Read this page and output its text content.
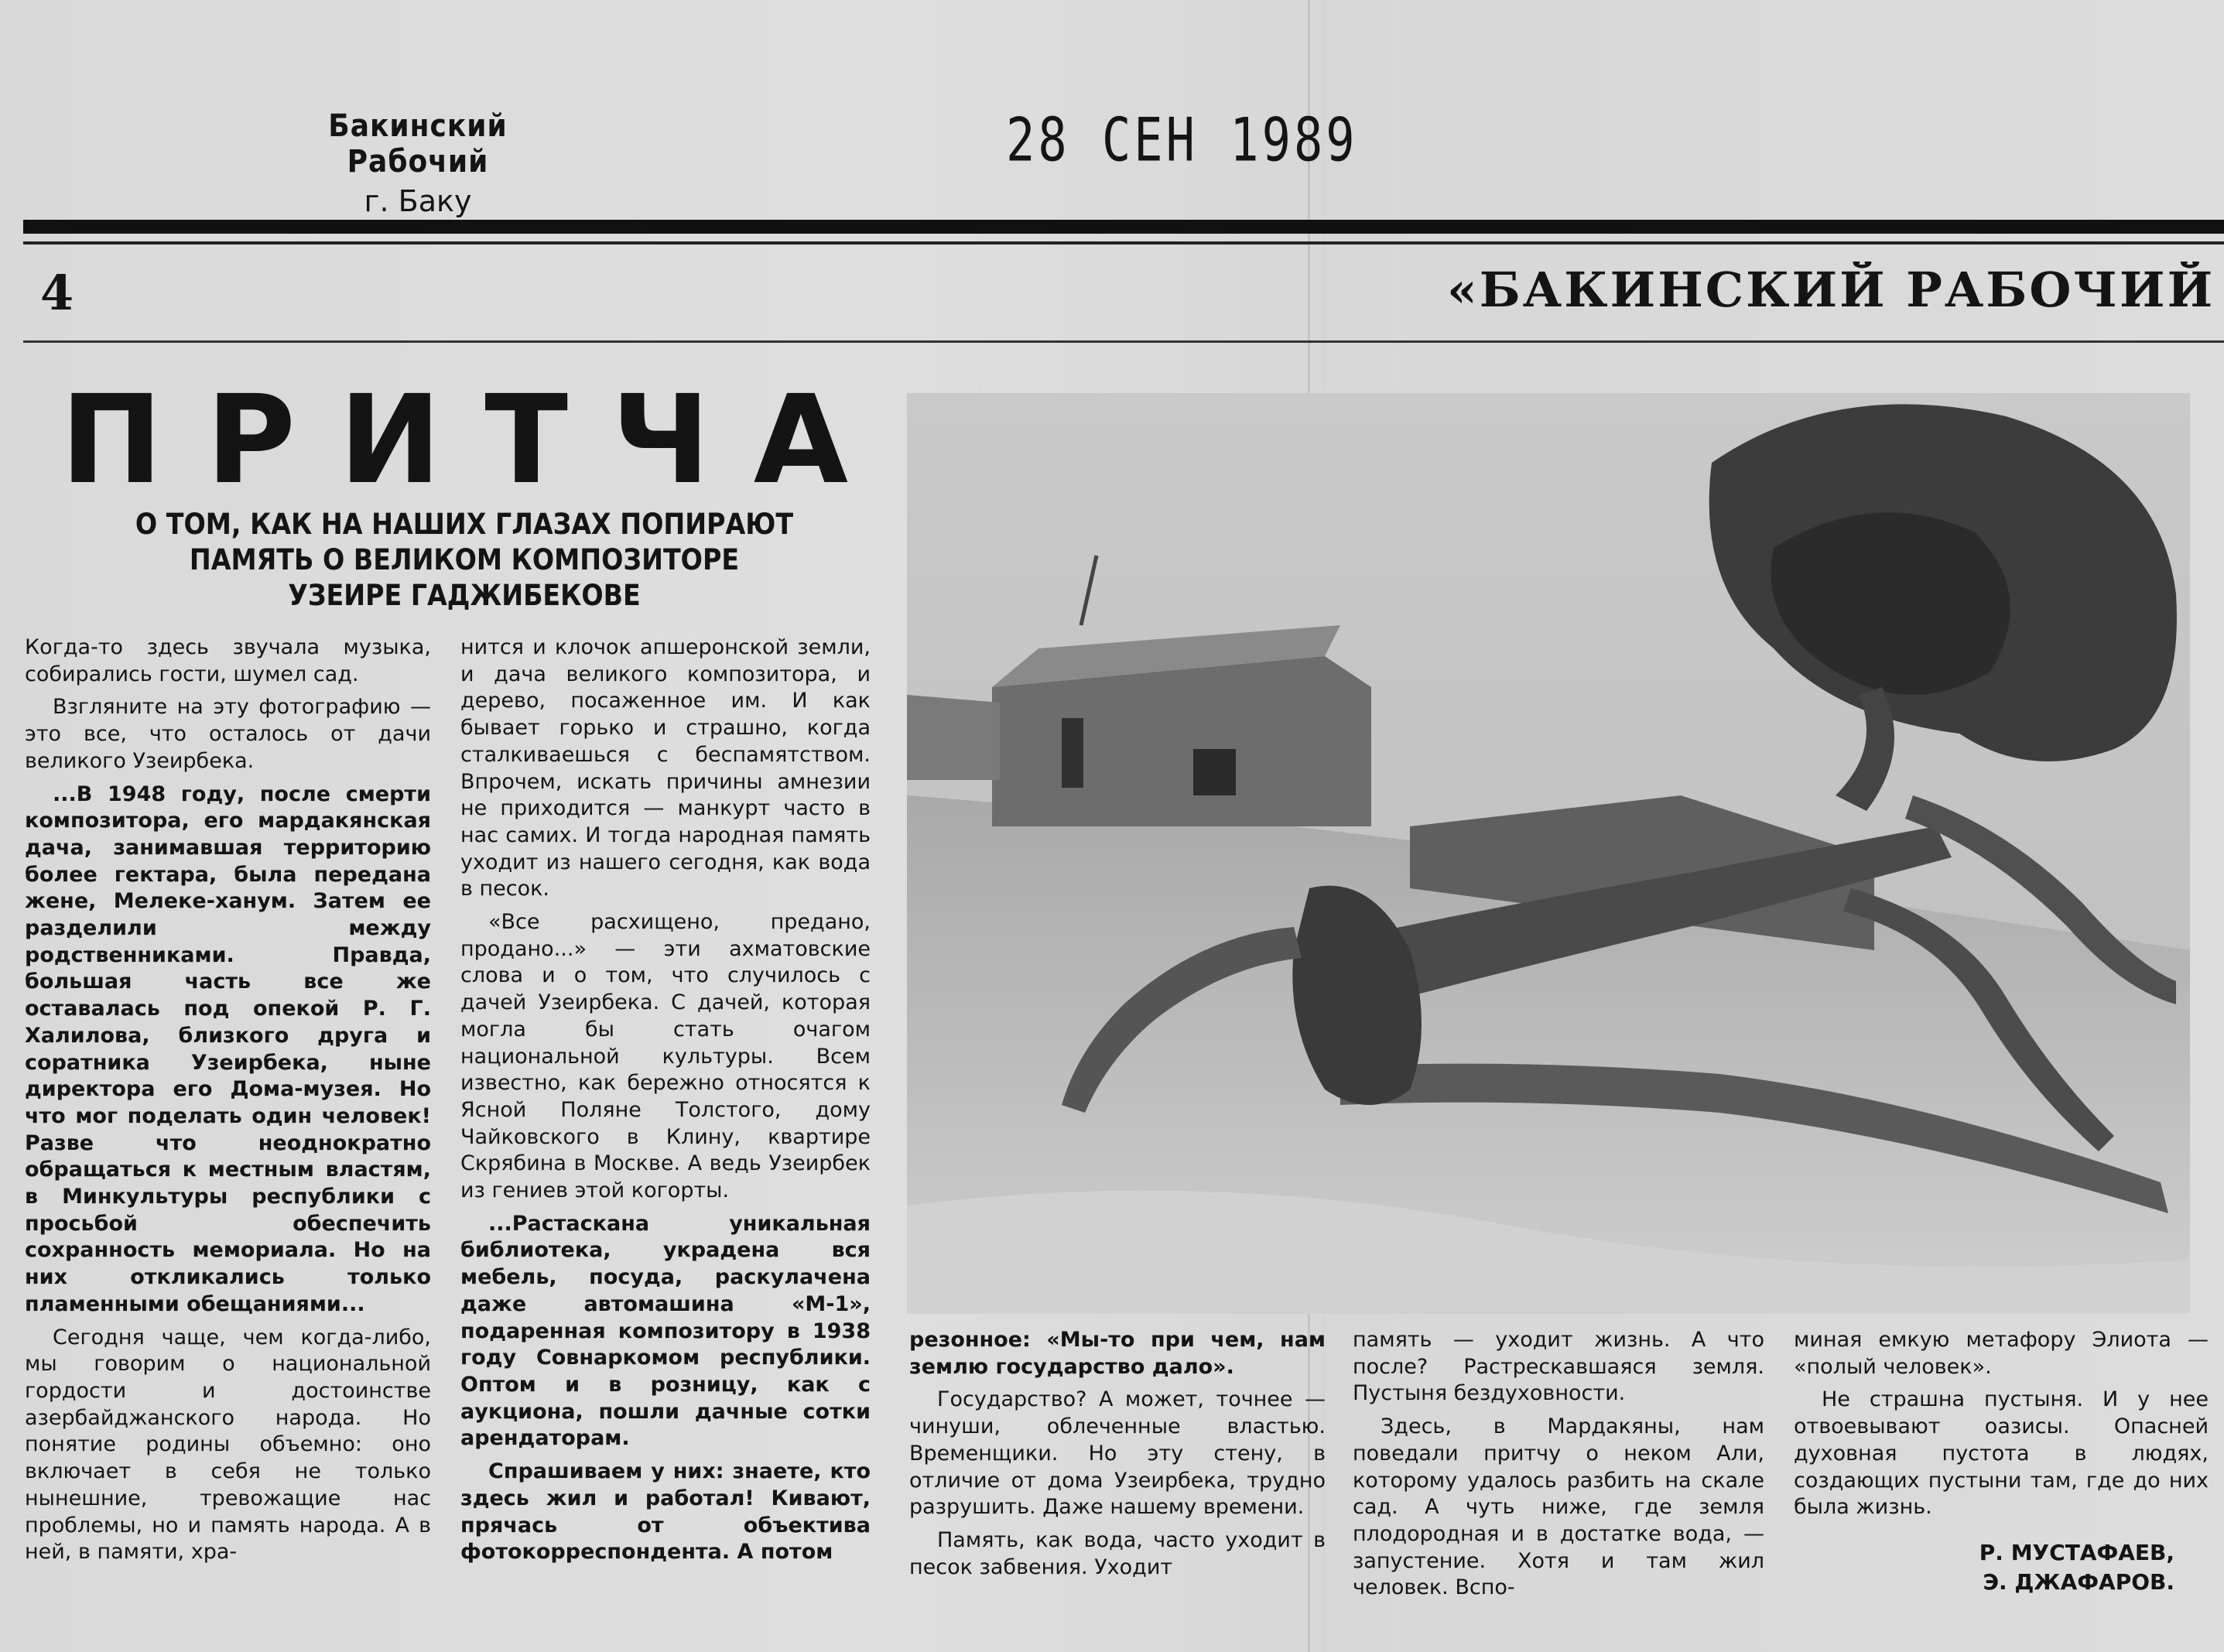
Бакинский Рабочий
г. Баку
28 СЕН 1989
4	«БАКИНСКИЙ РАБОЧИЙ
ПРИТЧА
О ТОМ, КАК НА НАШИХ ГЛАЗАХ ПОПИРАЮТ
ПАМЯТЬ О ВЕЛИКОМ КОМПОЗИТОРЕ
УЗЕИРЕ ГАДЖИБЕКОВЕ

Когда-то здесь звучала музыка, собирались гости, шумел сад.

Взгляните на эту фотографию — это все, что осталось от дачи великого Узеирбека.

...В 1948 году, после смерти композитора, его мардакянская дача, занимавшая территорию более гектара, была передана жене, Мелеке-ханум. Затем ее разделили между родственниками. Правда, большая часть все же оставалась под опекой Р. Г. Халилова, близкого друга и соратника Узеирбека, ныне директора его Дома-музея. Но что мог поделать один человек! Разве что неоднократно обращаться к местным властям, в Минкультуры республики с просьбой обеспечить сохранность мемориала. Но на них откликались только пламенными обещаниями...

Сегодня чаще, чем когда-либо, мы говорим о национальной гордости и достоинстве азербайджанского народа. Но понятие родины объемно: оно включает в себя не только нынешние, тревожащие нас проблемы, но и память народа. А в ней, в памяти, хра-

нится и клочок апшеронской земли, и дача великого композитора, и дерево, посаженное им. И как бывает горько и страшно, когда сталкиваешься с беспамятством. Впрочем, искать причины амнезии не приходится — манкурт часто в нас самих. И тогда народная память уходит из нашего сегодня, как вода в песок.

«Все расхищено, предано, продано...» — эти ахматовские слова и о том, что случилось с дачей Узеирбека. С дачей, которая могла бы стать очагом национальной культуры. Всем известно, как бережно относятся к Ясной Поляне Толстого, дому Чайковского в Клину, квартире Скрябина в Москве. А ведь Узеирбек из гениев этой когорты.

...Растаскана уникальная библиотека, украдена вся мебель, посуда, раскулачена даже автомашина «М-1», подаренная композитору в 1938 году Совнаркомом республики. Оптом и в розницу, как с аукциона, пошли дачные сотки арендаторам.

Спрашиваем у них: знаете, кто здесь жил и работал! Кивают, прячась от объектива фотокорреспондента. А потом

резонное: «Мы-то при чем, нам землю государство дало».

Государство? А может, точнее — чинуши, облеченные властью. Временщики. Но эту стену, в отличие от дома Узеирбека, трудно разрушить. Даже нашему времени.

Память, как вода, часто уходит в песок забвения. Уходит

память — уходит жизнь. А что после? Растрескавшаяся земля. Пустыня бездуховности.

Здесь, в Мардакяны, нам поведали притчу о неком Али, которому удалось разбить на скале сад. А чуть ниже, где земля плодородная и в достатке вода, — запустение. Хотя и там жил человек. Вспо-

миная емкую метафору Элиота — «полый человек».

Не страшна пустыня. И у нее отвоевывают оазисы. Опасней духовная пустота в людях, создающих пустыни там, где до них была жизнь.

Р. МУСТАФАЕВ,
Э. ДЖАФАРОВ.
